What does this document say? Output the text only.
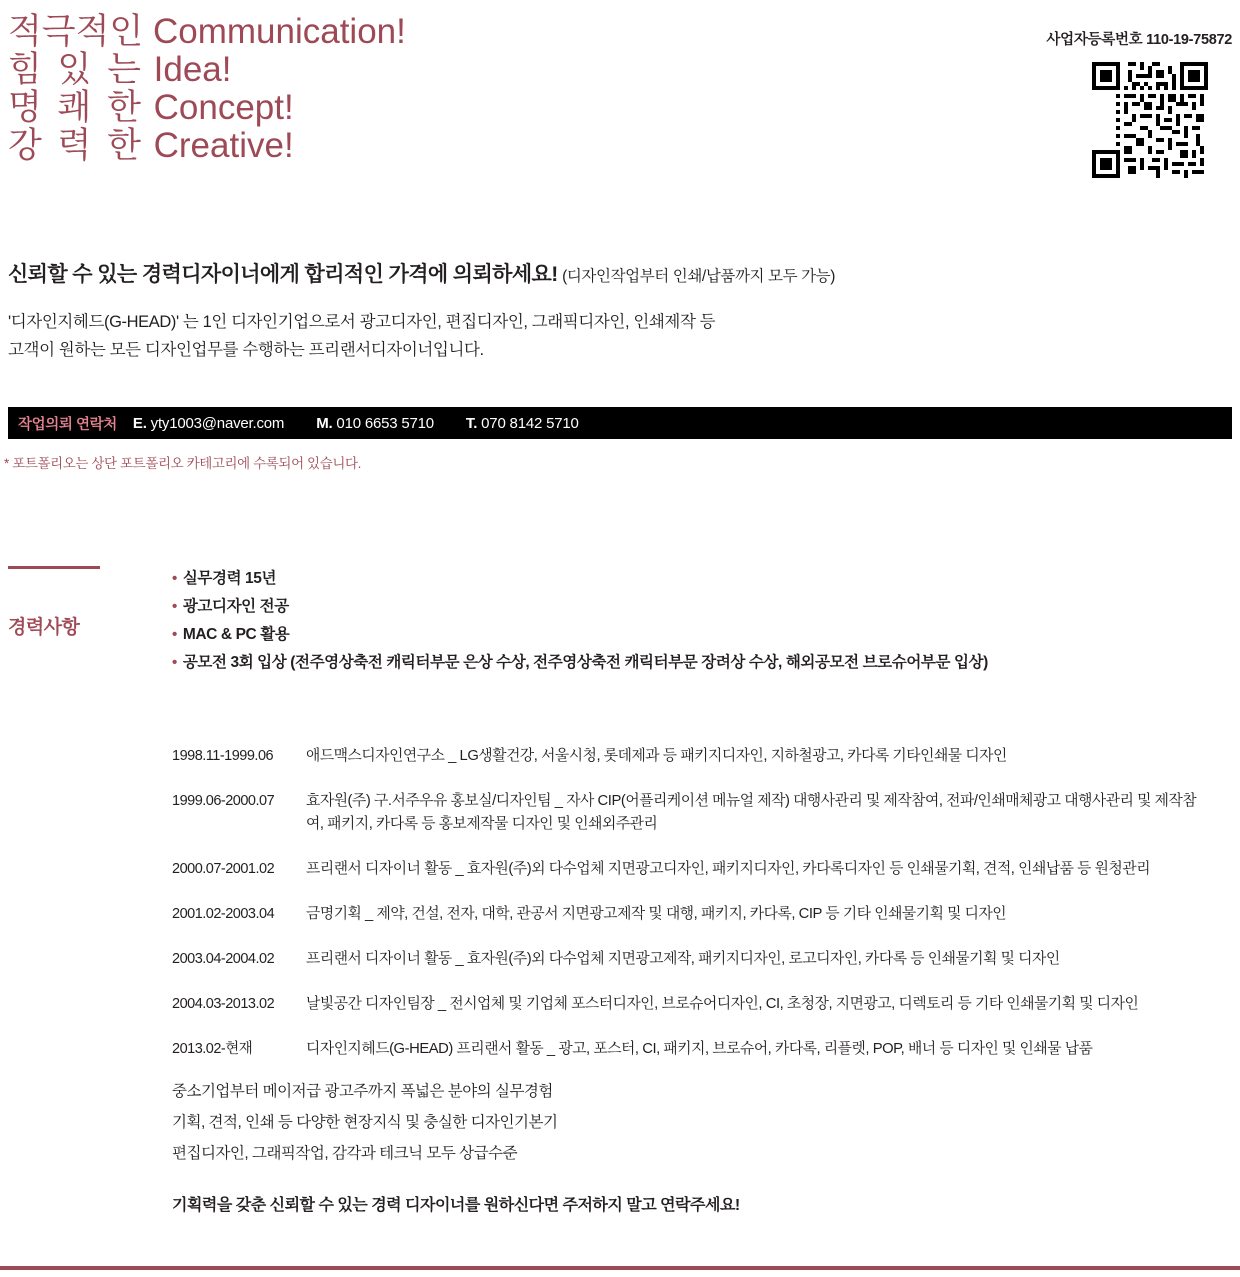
적극적인 Communication!
힘 있 는 Idea!
명 쾌 한 Concept!
강 력 한 Creative!
사업자등록번호 110-19-75872
신뢰할 수 있는 경력디자이너에게 합리적인 가격에 의뢰하세요! (디자인작업부터 인쇄/납품까지 모두 가능)
'디자인지헤드(G-HEAD)' 는 1인 디자인기업으로서 광고디자인, 편집디자인, 그래픽디자인, 인쇄제작 등
고객이 원하는 모든 디자인업무를 수행하는 프리랜서디자이너입니다.
작업의뢰 연락처 E. yty1003@naver.com M. 010 6653 5710 T. 070 8142 5710
* 포트폴리오는 상단 포트폴리오 카테고리에 수록되어 있습니다.
경력사항
• 실무경력 15년
• 광고디자인 전공
• MAC & PC 활용
• 공모전 3회 입상 (전주영상축전 캐릭터부문 은상 수상, 전주영상축전 캐릭터부문 장려상 수상, 해외공모전 브로슈어부문 입상)
1998.11-1999.06	애드맥스디자인연구소 _ LG생활건강, 서울시청, 롯데제과 등 패키지디자인, 지하철광고, 카다록 기타인쇄물 디자인
1999.06-2000.07	효자원(주) 구.서주우유 홍보실/디자인팀 _ 자사 CIP(어플리케이션 메뉴얼 제작) 대행사관리 및 제작참여, 전파/인쇄매체광고 대행사관리 및 제작참여, 패키지, 카다록 등 홍보제작물 디자인 및 인쇄외주관리
2000.07-2001.02	프리랜서 디자이너 활동 _ 효자원(주)외 다수업체 지면광고디자인, 패키지디자인, 카다록디자인 등 인쇄물기획, 견적, 인쇄납품 등 원청관리
2001.02-2003.04	금명기획 _ 제약, 건설, 전자, 대학, 관공서 지면광고제작 및 대행, 패키지, 카다록, CIP 등 기타 인쇄물기획 및 디자인
2003.04-2004.02	프리랜서 디자이너 활동 _ 효자원(주)외 다수업체 지면광고제작, 패키지디자인, 로고디자인, 카다록 등 인쇄물기획 및 디자인
2004.03-2013.02	날빛공간 디자인팀장 _ 전시업체 및 기업체 포스터디자인, 브로슈어디자인, CI, 초청장, 지면광고, 디렉토리 등 기타 인쇄물기획 및 디자인
2013.02-현재	디자인지헤드(G-HEAD) 프리랜서 활동 _ 광고, 포스터, CI, 패키지, 브로슈어, 카다록, 리플렛, POP, 배너 등 디자인 및 인쇄물 납품
중소기업부터 메이저급 광고주까지 폭넓은 분야의 실무경험
기획, 견적, 인쇄 등 다양한 현장지식 및 충실한 디자인기본기
편집디자인, 그래픽작업, 감각과 테크닉 모두 상급수준
기획력을 갖춘 신뢰할 수 있는 경력 디자이너를 원하신다면 주저하지 말고 연락주세요!
